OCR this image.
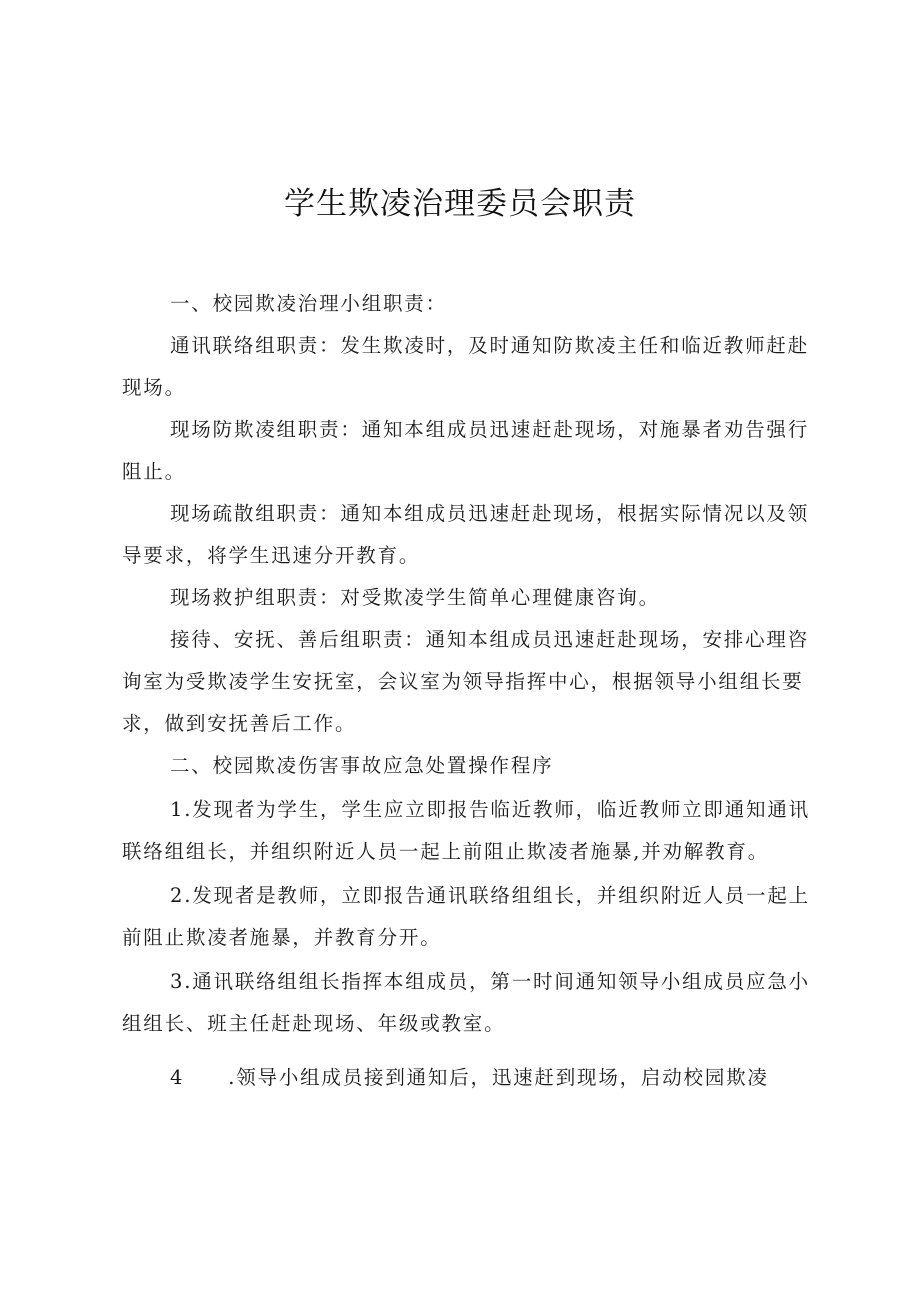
学生欺凌治理委员会职责

一、校园欺凌治理小组职责：

通讯联络组职责：发生欺凌时，及时通知防欺凌主任和临近教师赶赴现场。

现场防欺凌组职责：通知本组成员迅速赶赴现场，对施暴者劝告强行阻止。

现场疏散组职责：通知本组成员迅速赶赴现场，根据实际情况以及领导要求，将学生迅速分开教育。

现场救护组职责：对受欺凌学生简单心理健康咨询。

接待、安抚、善后组职责：通知本组成员迅速赶赴现场，安排心理咨询室为受欺凌学生安抚室，会议室为领导指挥中心，根据领导小组组长要求，做到安抚善后工作。

二、校园欺凌伤害事故应急处置操作程序

1.发现者为学生，学生应立即报告临近教师，临近教师立即通知通讯联络组组长，并组织附近人员一起上前阻止欺凌者施暴,并劝解教育。

2.发现者是教师，立即报告通讯联络组组长，并组织附近人员一起上前阻止欺凌者施暴，并教育分开。

3.通讯联络组组长指挥本组成员，第一时间通知领导小组成员应急小组组长、班主任赶赴现场、年级或教室。

4 .领导小组成员接到通知后，迅速赶到现场，启动校园欺凌
